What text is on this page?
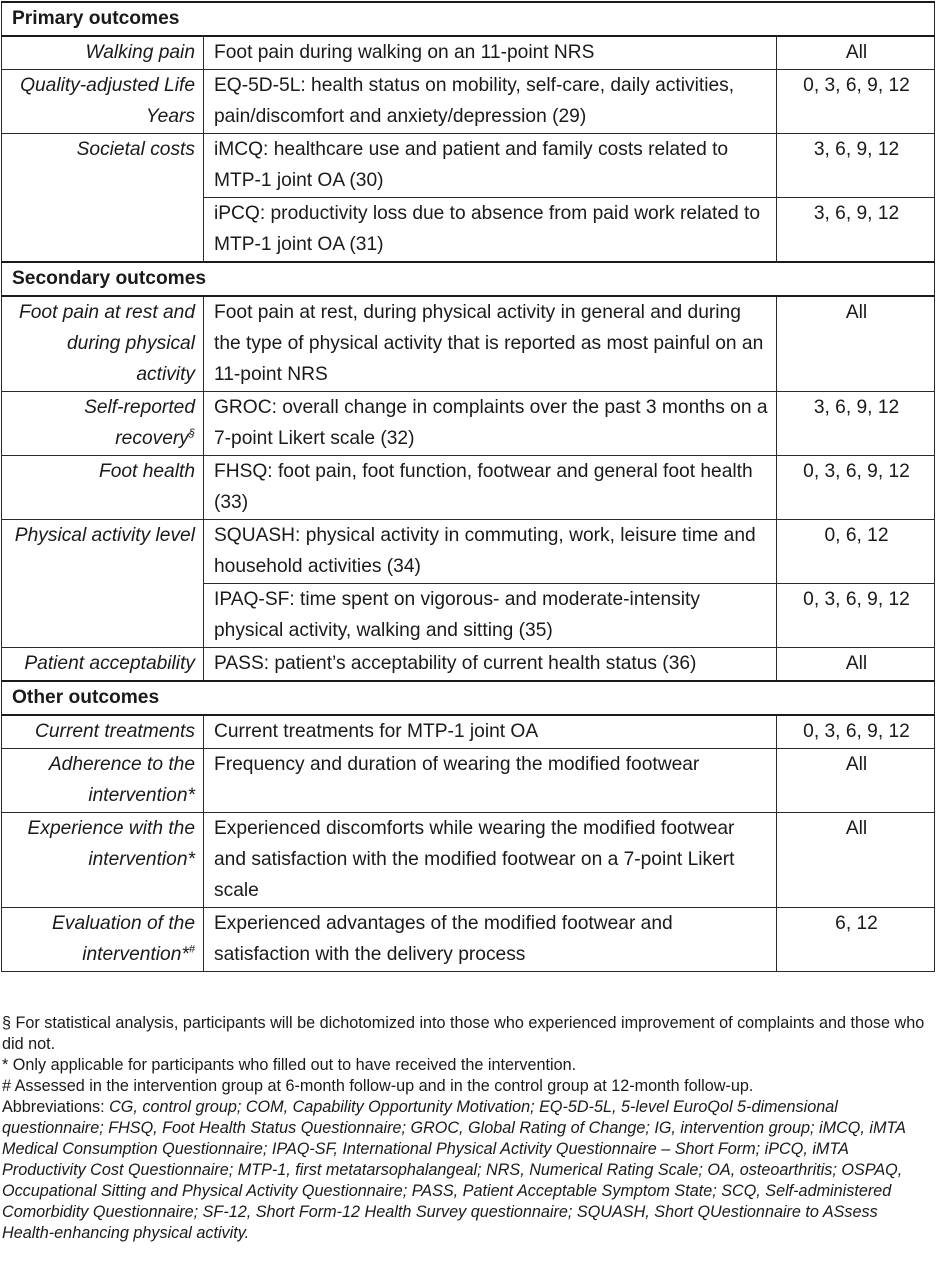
Primary outcomes		
Walking pain	Foot pain during walking on an 11-point NRS	All
Quality-adjusted Life Years	EQ-5D-5L: health status on mobility, self-care, daily activities, pain/discomfort and anxiety/depression (29)	0, 3, 6, 9, 12
Societal costs	iMCQ: healthcare use and patient and family costs related to MTP-1 joint OA (30)	3, 6, 9, 12
	iPCQ: productivity loss due to absence from paid work related to MTP-1 joint OA (31)	3, 6, 9, 12
Secondary outcomes		
Foot pain at rest and during physical activity	Foot pain at rest, during physical activity in general and during the type of physical activity that is reported as most painful on an 11-point NRS	All
Self-reported recovery§	GROC: overall change in complaints over the past 3 months on a 7-point Likert scale (32)	3, 6, 9, 12
Foot health	FHSQ: foot pain, foot function, footwear and general foot health (33)	0, 3, 6, 9, 12
Physical activity level	SQUASH: physical activity in commuting, work, leisure time and household activities (34)	0, 6, 12
	IPAQ-SF: time spent on vigorous- and moderate-intensity physical activity, walking and sitting (35)	0, 3, 6, 9, 12
Patient acceptability	PASS: patient’s acceptability of current health status (36)	All
Other outcomes		
Current treatments	Current treatments for MTP-1 joint OA	0, 3, 6, 9, 12
Adherence to the intervention*	Frequency and duration of wearing the modified footwear	All
Experience with the intervention*	Experienced discomforts while wearing the modified footwear and satisfaction with the modified footwear on a 7-point Likert scale	All
Evaluation of the intervention*#	Experienced advantages of the modified footwear and satisfaction with the delivery process	6, 12

§ For statistical analysis, participants will be dichotomized into those who experienced improvement of complaints and those who did not.

* Only applicable for participants who filled out to have received the intervention.

# Assessed in the intervention group at 6-month follow-up and in the control group at 12-month follow-up.

Abbreviations: CG, control group; COM, Capability Opportunity Motivation; EQ-5D-5L, 5-level EuroQol 5-dimensional questionnaire; FHSQ, Foot Health Status Questionnaire; GROC, Global Rating of Change; IG, intervention group; iMCQ, iMTA Medical Consumption Questionnaire; IPAQ-SF, International Physical Activity Questionnaire – Short Form; iPCQ, iMTA Productivity Cost Questionnaire; MTP-1, first metatarsophalangeal; NRS, Numerical Rating Scale; OA, osteoarthritis; OSPAQ, Occupational Sitting and Physical Activity Questionnaire; PASS, Patient Acceptable Symptom State; SCQ, Self-administered Comorbidity Questionnaire; SF-12, Short Form-12 Health Survey questionnaire; SQUASH, Short QUestionnaire to ASsess Health-enhancing physical activity.
